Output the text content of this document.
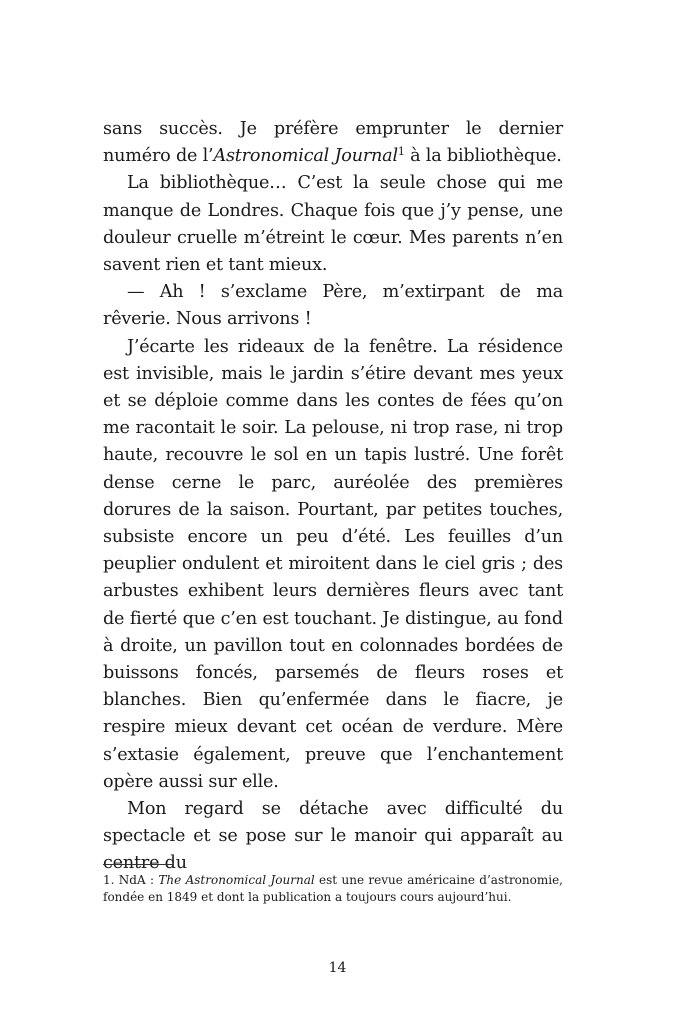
sans succès. Je préfère emprunter le dernier numéro de l’Astronomical Journal$^1$ à la bibliothèque.

La bibliothèque… C’est la seule chose qui me manque de Londres. Chaque fois que j’y pense, une douleur cruelle m’étreint le cœur. Mes parents n’en savent rien et tant mieux.

— Ah ! s’exclame Père, m’extirpant de ma rêverie. Nous arrivons !

J’écarte les rideaux de la fenêtre. La résidence est invisible, mais le jardin s’étire devant mes yeux et se déploie comme dans les contes de fées qu’on me racontait le soir. La pelouse, ni trop rase, ni trop haute, recouvre le sol en un tapis lustré. Une forêt dense cerne le parc, auréolée des premières dorures de la saison. Pourtant, par petites touches, subsiste encore un peu d’été. Les feuilles d’un peuplier ondulent et miroitent dans le ciel gris ; des arbustes exhibent leurs dernières fleurs avec tant de fierté que c’en est touchant. Je distingue, au fond à droite, un pavillon tout en colonnades bordées de buissons foncés, parsemés de fleurs roses et blanches. Bien qu’enfermée dans le fiacre, je respire mieux devant cet océan de verdure. Mère s’extasie également, preuve que l’enchantement opère aussi sur elle.

Mon regard se détache avec difficulté du spectacle et se pose sur le manoir qui apparaît au centre du

1. NdA : The Astronomical Journal est une revue américaine d’astronomie, fondée en 1849 et dont la publication a toujours cours aujourd’hui.
14
